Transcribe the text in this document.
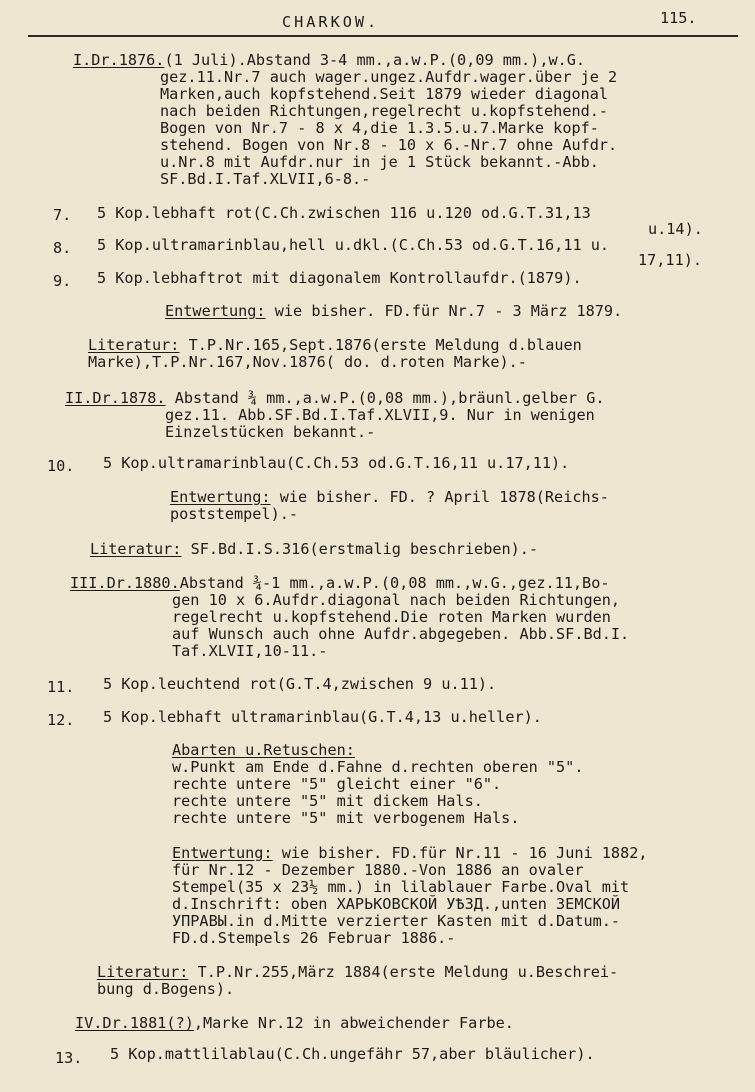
CHARKOW.	115.
I.Dr.1876.(1 Juli).Abstand 3-4 mm.,a.w.P.(0,09 mm.),w.G.
gez.11.Nr.7 auch wager.ungez.Aufdr.wager.über je 2
Marken,auch kopfstehend.Seit 1879 wieder diagonal
nach beiden Richtungen,regelrecht u.kopfstehend.-
Bogen von Nr.7 - 8 x 4,die 1.3.5.u.7.Marke kopf-
stehend. Bogen von Nr.8 - 10 x 6.-Nr.7 ohne Aufdr.
u.Nr.8 mit Aufdr.nur in je 1 Stück bekannt.-Abb.
SF.Bd.I.Taf.XLVII,6-8.-
7. 5 Kop.lebhaft rot(C.Ch.zwischen 116 u.120 od.G.T.31,13
u.14).
8. 5 Kop.ultramarinblau,hell u.dkl.(C.Ch.53 od.G.T.16,11 u.
17,11).
9. 5 Kop.lebhaftrot mit diagonalem Kontrollaufdr.(1879).
Entwertung: wie bisher. FD.für Nr.7 - 3 März 1879.
Literatur: T.P.Nr.165,Sept.1876(erste Meldung d.blauen
Marke),T.P.Nr.167,Nov.1876( do. d.roten Marke).-
II.Dr.1878. Abstand ¾ mm.,a.w.P.(0,08 mm.),bräunl.gelber G.
gez.11. Abb.SF.Bd.I.Taf.XLVII,9. Nur in wenigen
Einzelstücken bekannt.-
10. 5 Kop.ultramarinblau(C.Ch.53 od.G.T.16,11 u.17,11).
Entwertung: wie bisher. FD. ? April 1878(Reichs-
poststempel).-
Literatur: SF.Bd.I.S.316(erstmalig beschrieben).-
III.Dr.1880.Abstand ¾-1 mm.,a.w.P.(0,08 mm.,w.G.,gez.11,Bo-
gen 10 x 6.Aufdr.diagonal nach beiden Richtungen,
regelrecht u.kopfstehend.Die roten Marken wurden
auf Wunsch auch ohne Aufdr.abgegeben. Abb.SF.Bd.I.
Taf.XLVII,10-11.-
11. 5 Kop.leuchtend rot(G.T.4,zwischen 9 u.11).
12. 5 Kop.lebhaft ultramarinblau(G.T.4,13 u.heller).
Abarten u.Retuschen:
w.Punkt am Ende d.Fahne d.rechten oberen "5".
rechte untere "5" gleicht einer "6".
rechte untere "5" mit dickem Hals.
rechte untere "5" mit verbogenem Hals.
Entwertung: wie bisher. FD.für Nr.11 - 16 Juni 1882,
für Nr.12 - Dezember 1880.-Von 1886 an ovaler
Stempel(35 x 23½ mm.) in lilablauer Farbe.Oval mit
d.Inschrift: oben ХАРЬКОВСКОЙ УѢЗД.,unten ЗЕМСКОЙ
УПРАВЫ.in d.Mitte verzierter Kasten mit d.Datum.-
FD.d.Stempels 26 Februar 1886.-
Literatur: T.P.Nr.255,März 1884(erste Meldung u.Beschrei-
bung d.Bogens).
IV.Dr.1881(?),Marke Nr.12 in abweichender Farbe.
13. 5 Kop.mattlilablau(C.Ch.ungefähr 57,aber bläulicher).
